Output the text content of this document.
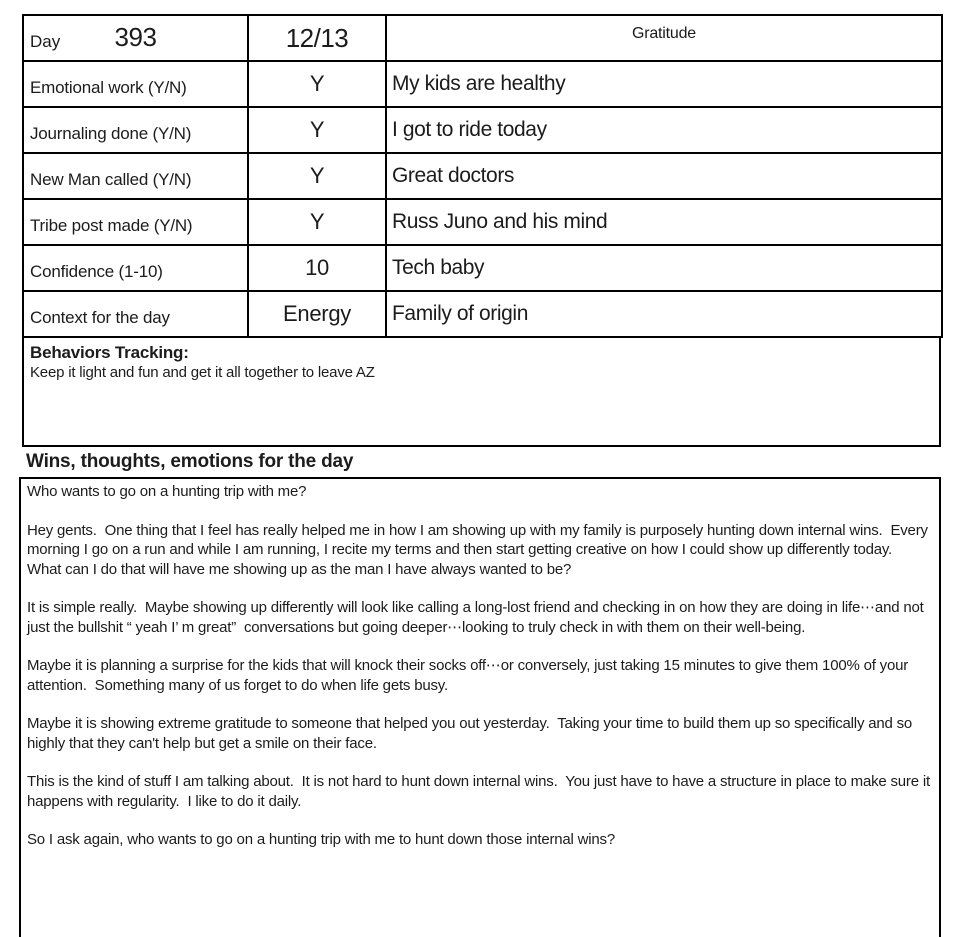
Day 393	12/13	Gratitude
Emotional work (Y/N)	Y	My kids are healthy
Journaling done (Y/N)	Y	I got to ride today
New Man called (Y/N)	Y	Great doctors
Tribe post made (Y/N)	Y	Russ Juno and his mind
Confidence (1-10)	10	Tech baby
Context for the day	Energy	Family of origin
Behaviors Tracking:
Keep it light and fun and get it all together to leave AZ
Wins, thoughts, emotions for the day

Who wants to go on a hunting trip with me?

Hey gents.  One thing that I feel has really helped me in how I am showing up with my family is purposely hunting down internal wins.  Every morning I go on a run and while I am running, I recite my terms and then start getting creative on how I could show up differently today.  What can I do that will have me showing up as the man I have always wanted to be?

It is simple really.  Maybe showing up differently will look like calling a long-lost friend and checking in on how they are doing in life⋯and not just the bullshit “ yeah I’ m great”  conversations but going deeper⋯looking to truly check in with them on their well-being.

Maybe it is planning a surprise for the kids that will knock their socks off⋯or conversely, just taking 15 minutes to give them 100% of your attention.  Something many of us forget to do when life gets busy.

Maybe it is showing extreme gratitude to someone that helped you out yesterday.  Taking your time to build them up so specifically and so highly that they can't help but get a smile on their face.

This is the kind of stuff I am talking about.  It is not hard to hunt down internal wins.  You just have to have a structure in place to make sure it happens with regularity.  I like to do it daily.

So I ask again, who wants to go on a hunting trip with me to hunt down those internal wins?
